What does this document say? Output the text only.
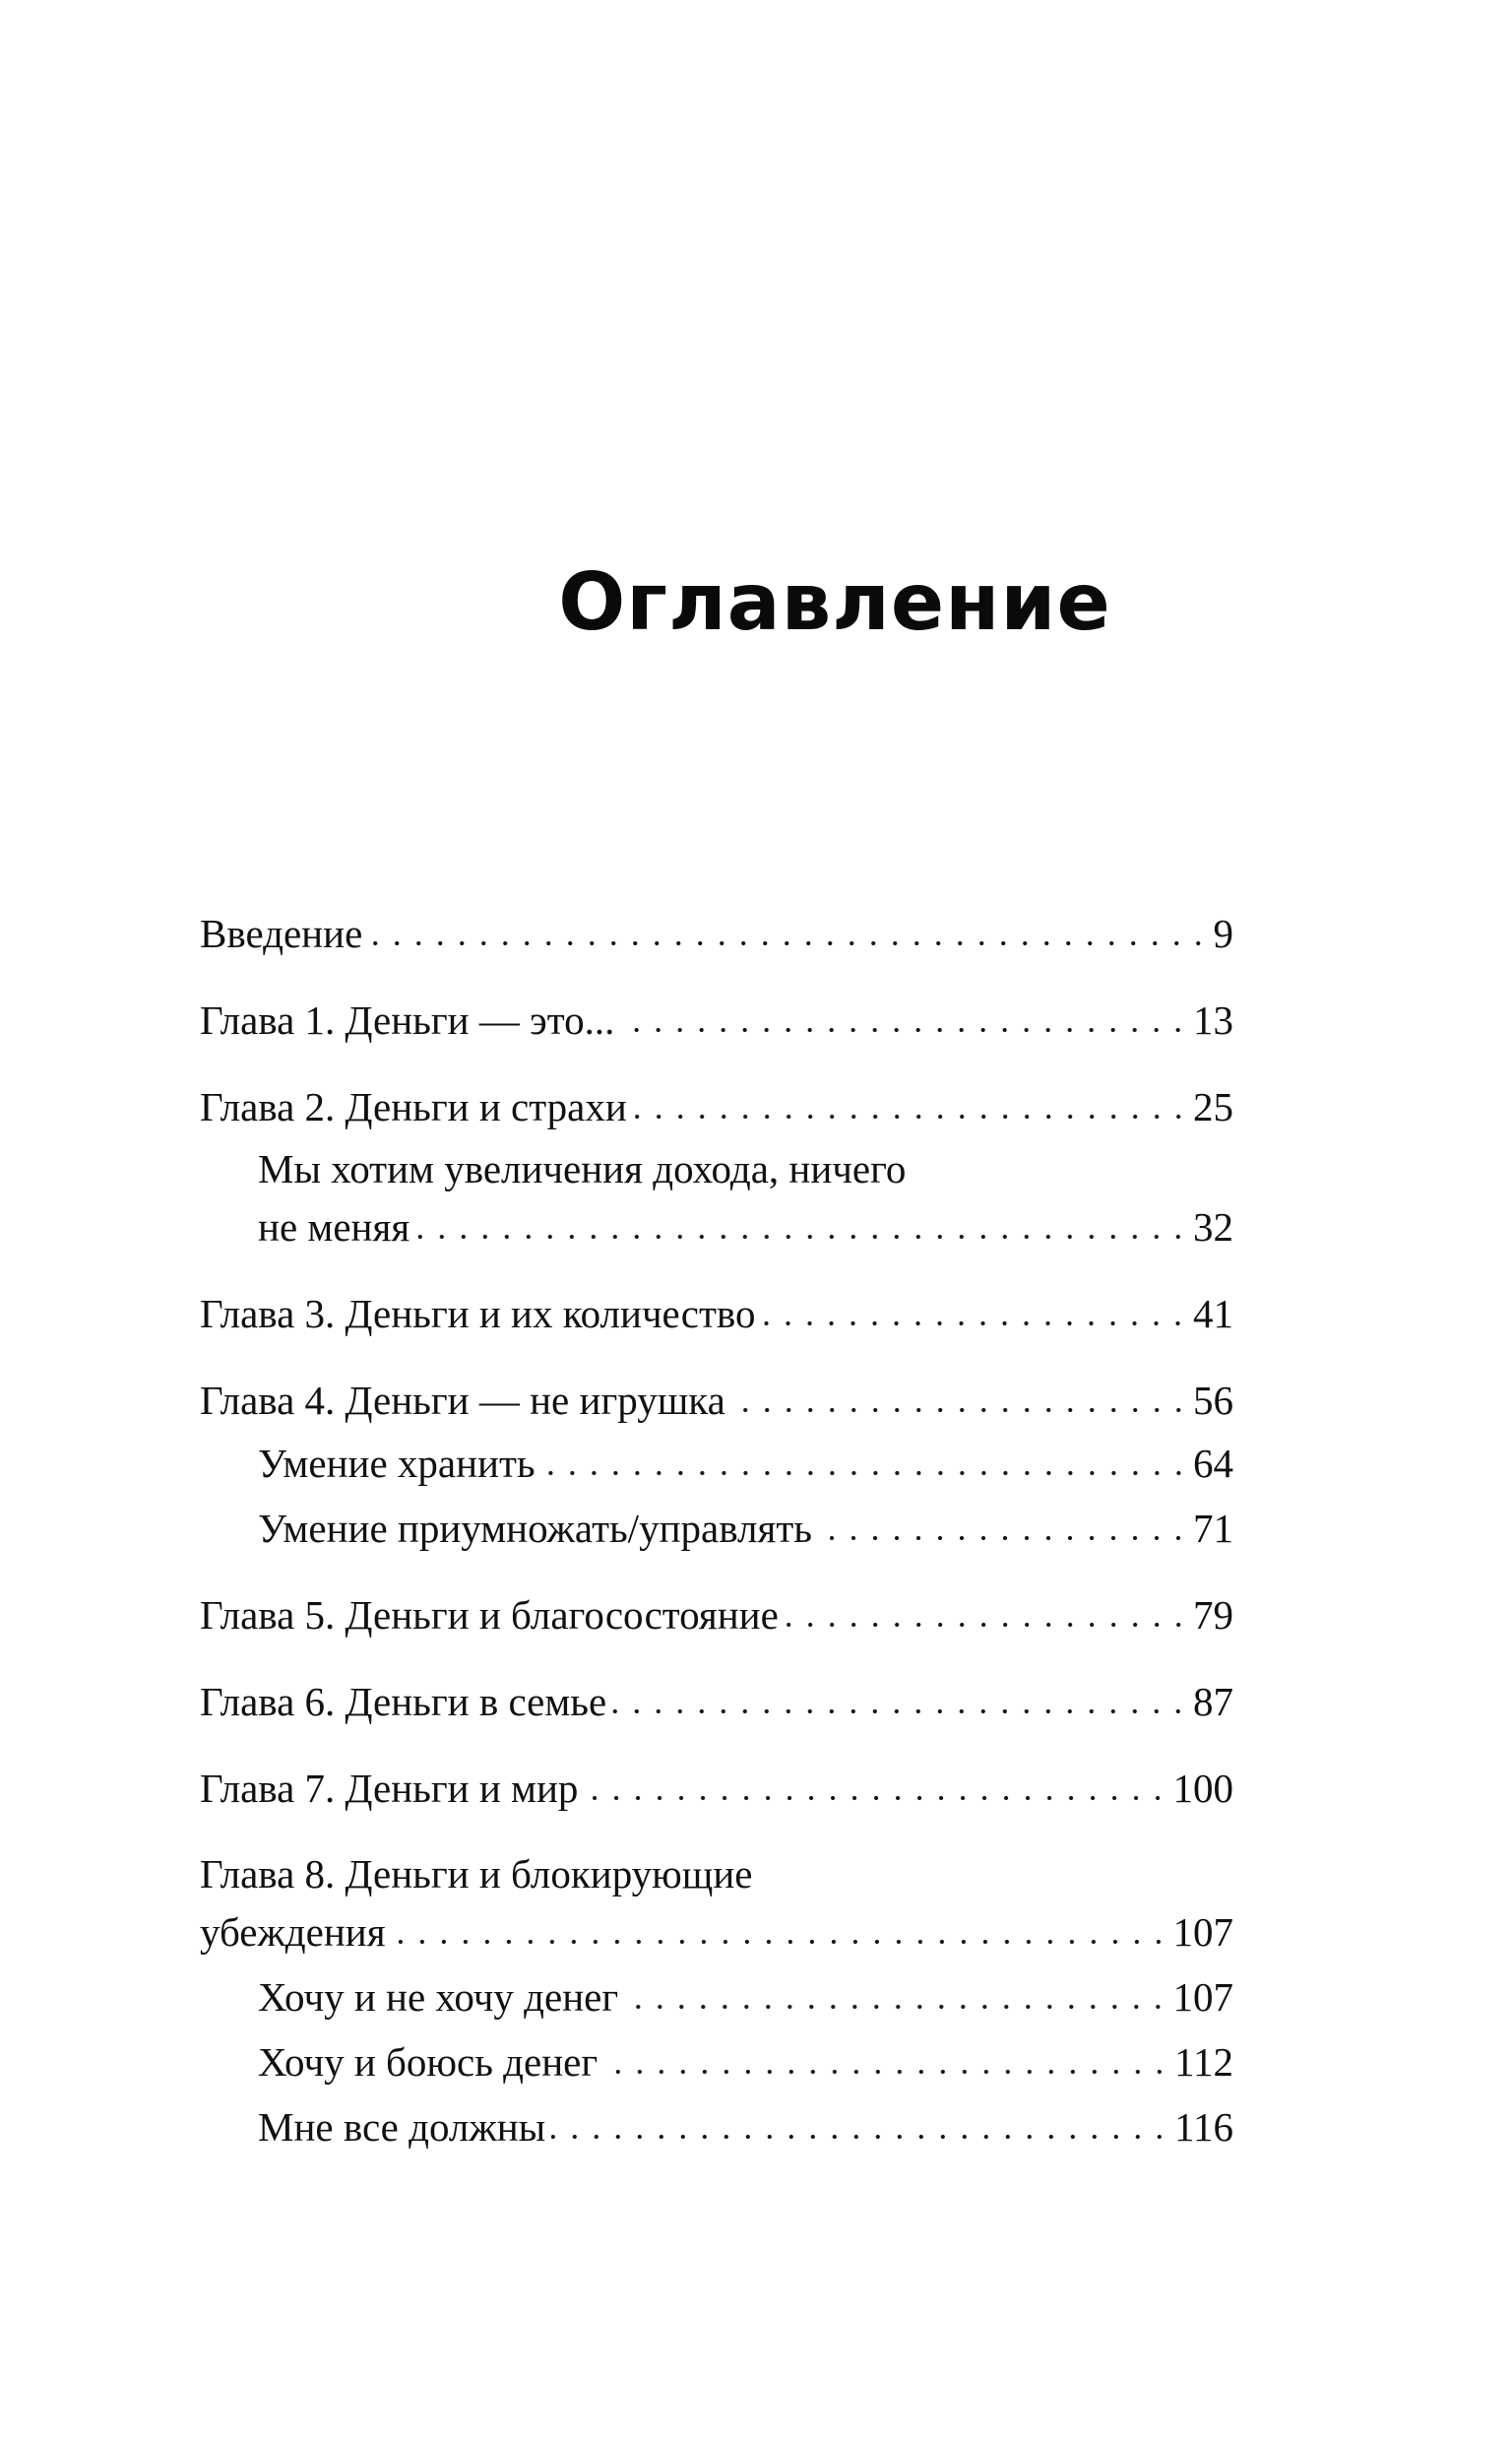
Оглавление
Введение	9
Глава 1. Деньги — это...	13
Глава 2. Деньги и страхи	25
Мы хотим увеличения дохода, ничего
не меняя	32
Глава 3. Деньги и их количество	41
Глава 4. Деньги — не игрушка	56
Умение хранить	64
Умение приумножать/управлять	71
Глава 5. Деньги и благосостояние	79
Глава 6. Деньги в семье	87
Глава 7. Деньги и мир	100
Глава 8. Деньги и блокирующие
убеждения	107
Хочу и не хочу денег	107
Хочу и боюсь денег	112
Мне все должны	116
